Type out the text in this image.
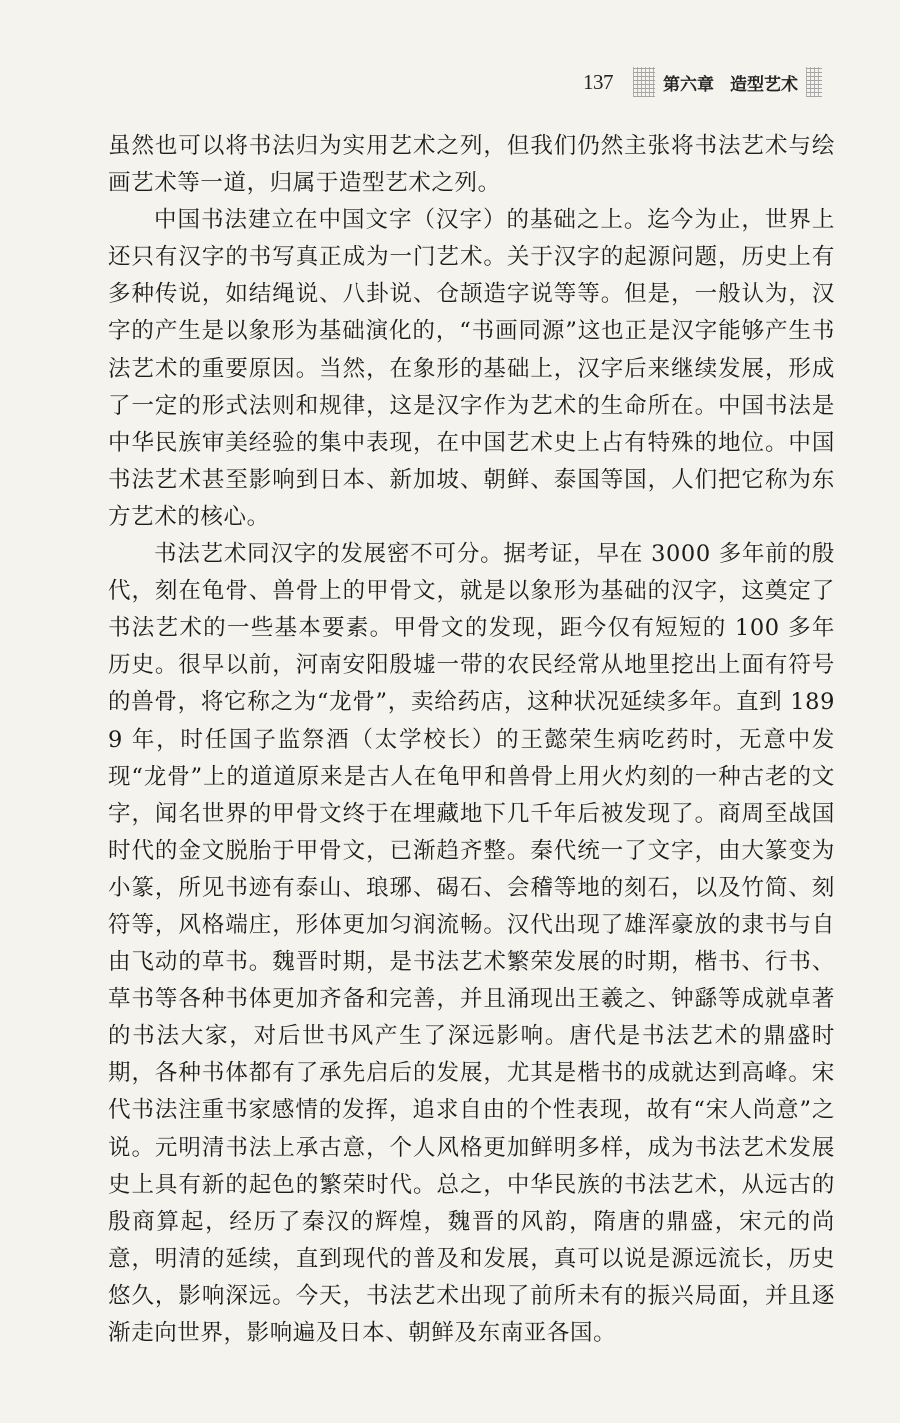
137	第六章 造型艺术

虽然也可以将书法归为实用艺术之列，但我们仍然主张将书法艺术与绘画艺术等一道，归属于造型艺术之列。

中国书法建立在中国文字（汉字）的基础之上。迄今为止，世界上还只有汉字的书写真正成为一门艺术。关于汉字的起源问题，历史上有多种传说，如结绳说、八卦说、仓颉造字说等等。但是，一般认为，汉字的产生是以象形为基础演化的，“书画同源”这也正是汉字能够产生书法艺术的重要原因。当然，在象形的基础上，汉字后来继续发展，形成了一定的形式法则和规律，这是汉字作为艺术的生命所在。中国书法是中华民族审美经验的集中表现，在中国艺术史上占有特殊的地位。中国书法艺术甚至影响到日本、新加坡、朝鲜、泰国等国，人们把它称为东方艺术的核心。

书法艺术同汉字的发展密不可分。据考证，早在 3000 多年前的殷代，刻在龟骨、兽骨上的甲骨文，就是以象形为基础的汉字，这奠定了书法艺术的一些基本要素。甲骨文的发现，距今仅有短短的 100 多年历史。很早以前，河南安阳殷墟一带的农民经常从地里挖出上面有符号的兽骨，将它称之为“龙骨”，卖给药店，这种状况延续多年。直到 1899 年，时任国子监祭酒（太学校长）的王懿荣生病吃药时，无意中发现“龙骨”上的道道原来是古人在龟甲和兽骨上用火灼刻的一种古老的文字，闻名世界的甲骨文终于在埋藏地下几千年后被发现了。商周至战国时代的金文脱胎于甲骨文，已渐趋齐整。秦代统一了文字，由大篆变为小篆，所见书迹有泰山、琅琊、碣石、会稽等地的刻石，以及竹简、刻符等，风格端庄，形体更加匀润流畅。汉代出现了雄浑豪放的隶书与自由飞动的草书。魏晋时期，是书法艺术繁荣发展的时期，楷书、行书、草书等各种书体更加齐备和完善，并且涌现出王羲之、钟繇等成就卓著的书法大家，对后世书风产生了深远影响。唐代是书法艺术的鼎盛时期，各种书体都有了承先启后的发展，尤其是楷书的成就达到高峰。宋代书法注重书家感情的发挥，追求自由的个性表现，故有“宋人尚意”之说。元明清书法上承古意，个人风格更加鲜明多样，成为书法艺术发展史上具有新的起色的繁荣时代。总之，中华民族的书法艺术，从远古的殷商算起，经历了秦汉的辉煌，魏晋的风韵，隋唐的鼎盛，宋元的尚意，明清的延续，直到现代的普及和发展，真可以说是源远流长，历史悠久，影响深远。今天，书法艺术出现了前所未有的振兴局面，并且逐渐走向世界，影响遍及日本、朝鲜及东南亚各国。
